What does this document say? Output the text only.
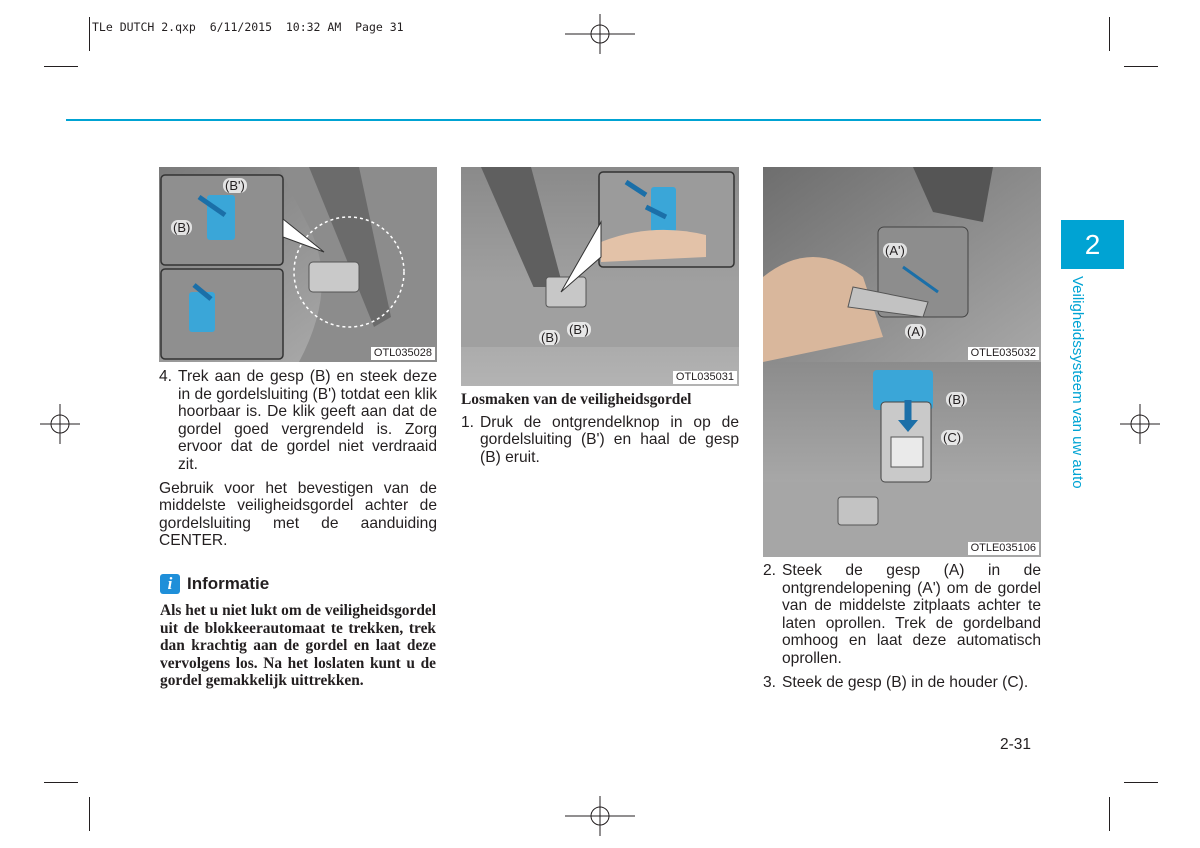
TLe DUTCH 2.qxp  6/11/2015  10:32 AM  Page 31
2
Veiligheidssysteem van uw auto
(B')
(B)
OTL035028
(B)
(B')
OTL035031
(A')
(A)
OTLE035032
(B)
(C)
OTLE035106
4. Trek aan de gesp (B) en steek deze in de gordelsluiting (B') totdat een klik hoorbaar is. De klik geeft aan dat de gordel goed vergrendeld is. Zorg ervoor dat de gordel niet verdraaid zit.
Gebruik voor het bevestigen van de middelste veiligheidsgordel achter de gordelsluiting met de aanduiding CENTER.
i Informatie
Als het u niet lukt om de veiligheidsgordel uit de blokkeerautomaat te trekken, trek dan krachtig aan de gordel en laat deze vervolgens los. Na het loslaten kunt u de gordel gemakkelijk uittrekken.
Losmaken van de veiligheidsgordel
1. Druk de ontgrendelknop in op de gordelsluiting (B') en haal de gesp (B) eruit.
2. Steek de gesp (A) in de ontgrendelopening (A') om de gordel van de middelste zitplaats achter te laten oprollen. Trek de gordelband omhoog en laat deze automatisch oprollen.
3. Steek de gesp (B) in de houder (C).
2-31
